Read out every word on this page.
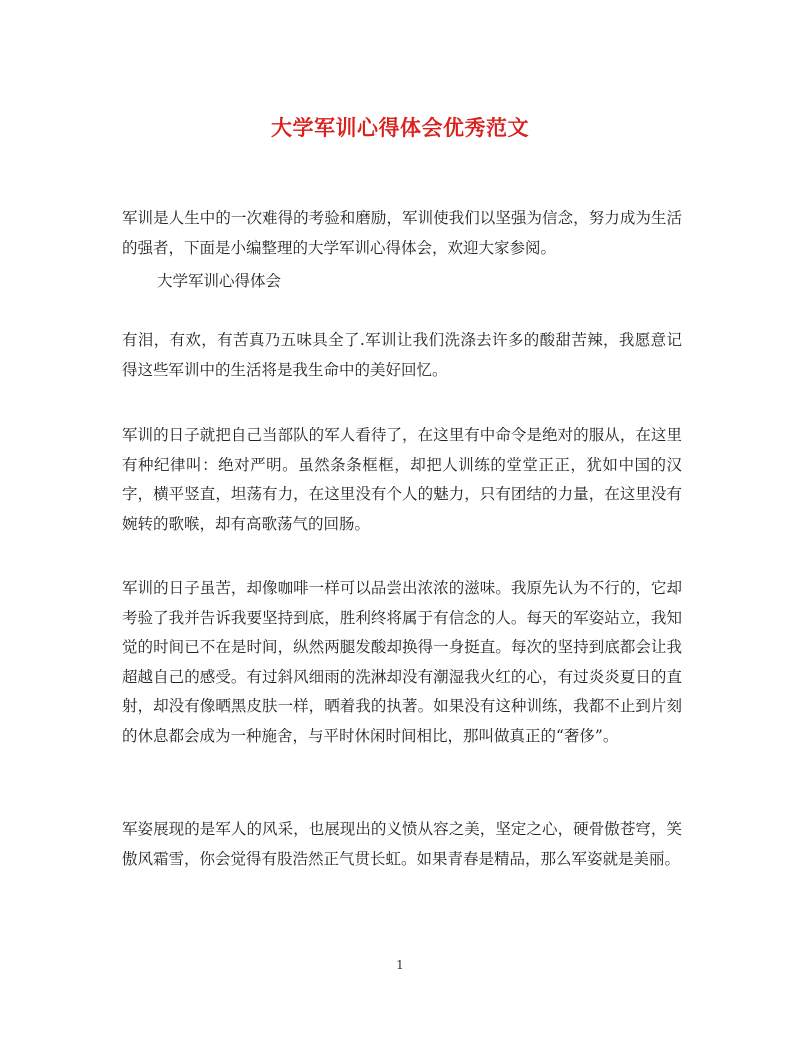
大学军训心得体会优秀范文
军训是人生中的一次难得的考验和磨励，军训使我们以坚强为信念，努力成为生活的强者，下面是小编整理的大学军训心得体会，欢迎大家参阅。
大学军训心得体会
有泪，有欢，有苦真乃五味具全了.军训让我们洗涤去许多的酸甜苦辣，我愿意记得这些军训中的生活将是我生命中的美好回忆。
军训的日子就把自己当部队的军人看待了，在这里有中命令是绝对的服从，在这里有种纪律叫：绝对严明。虽然条条框框，却把人训练的堂堂正正，犹如中国的汉字，横平竖直，坦荡有力，在这里没有个人的魅力，只有团结的力量，在这里没有婉转的歌喉，却有高歌荡气的回肠。
军训的日子虽苦，却像咖啡一样可以品尝出浓浓的滋味。我原先认为不行的，它却考验了我并告诉我要坚持到底，胜利终将属于有信念的人。每天的军姿站立，我知觉的时间已不在是时间，纵然两腿发酸却换得一身挺直。每次的坚持到底都会让我超越自己的感受。有过斜风细雨的洗淋却没有潮湿我火红的心，有过炎炎夏日的直射，却没有像晒黑皮肤一样，晒着我的执著。如果没有这种训练，我都不止到片刻的休息都会成为一种施舍，与平时休闲时间相比，那叫做真正的“奢侈”。
军姿展现的是军人的风采，也展现出的义愤从容之美，坚定之心，硬骨傲苍穹，笑傲风霜雪，你会觉得有股浩然正气贯长虹。如果青春是精品，那么军姿就是美丽。
1
